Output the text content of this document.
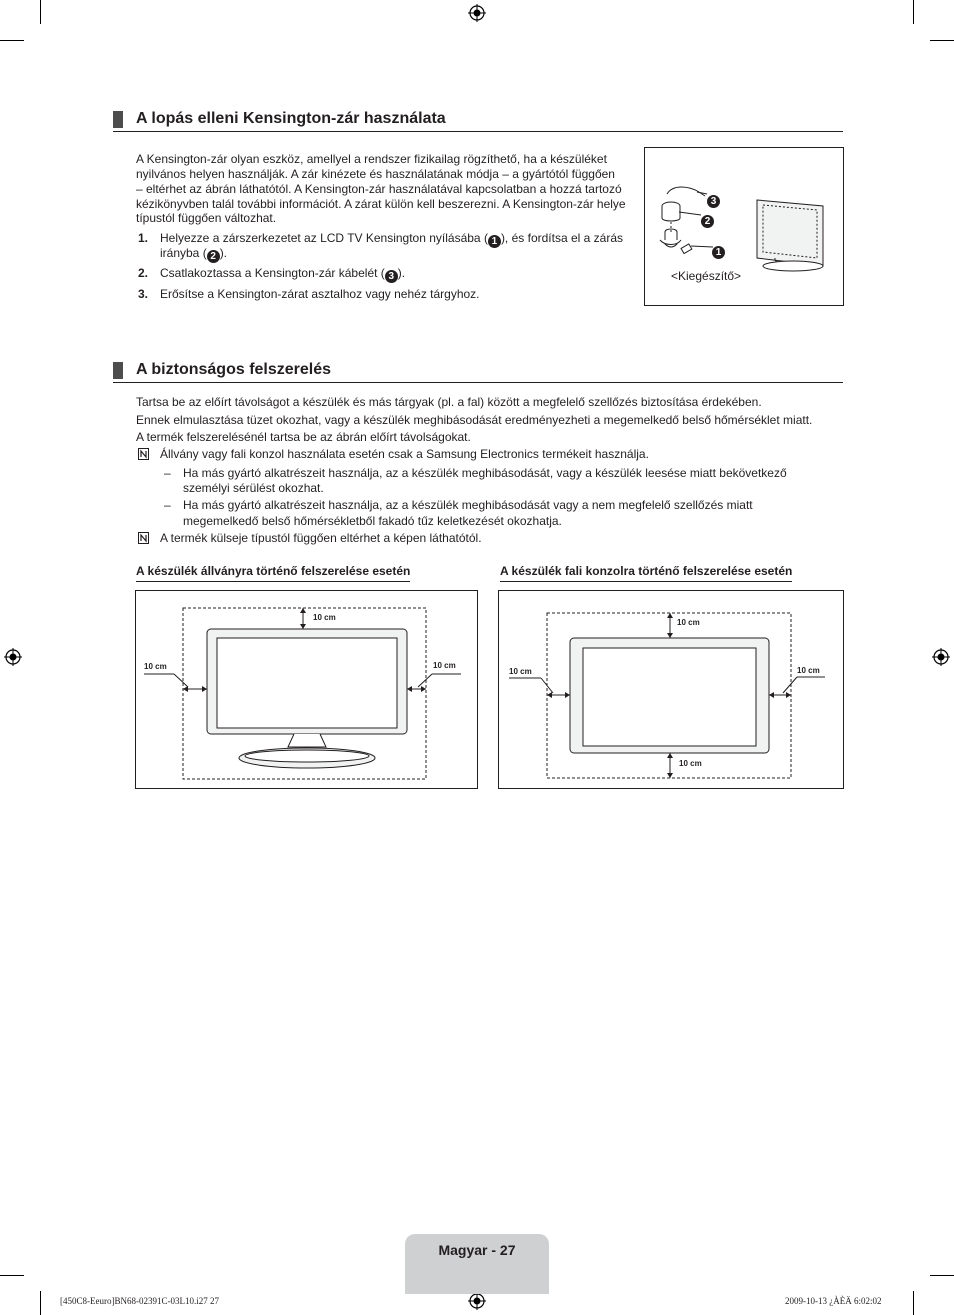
A lopás elleni Kensington-zár használata
A Kensington-zár olyan eszköz, amellyel a rendszer fizikailag rögzíthető, ha a készüléket
nyilvános helyen használják. A zár kinézete és használatának módja – a gyártótól függően
– eltérhet az ábrán láthatótól. A Kensington-zár használatával kapcsolatban a hozzá tartozó
kézikönyvben talál további információt. A zárat külön kell beszerezni. A Kensington-zár helye
típustól függően változhat.
1. Helyezze a zárszerkezetet az LCD TV Kensington nyílásába ( 1 ), és fordítsa el a zárás
irányba ( 2 ).
2. Csatlakoztassa a Kensington-zár kábelét ( 3 ).
3. Erősítse a Kensington-zárat asztalhoz vagy nehéz tárgyhoz.
3
2
1
<Kiegészítő>
A biztonságos felszerelés
Tartsa be az előírt távolságot a készülék és más tárgyak (pl. a fal) között a megfelelő szellőzés biztosítása érdekében.
Ennek elmulasztása tüzet okozhat, vagy a készülék meghibásodását eredményezheti a megemelkedő belső hőmérséklet miatt.
A termék felszerelésénél tartsa be az ábrán előírt távolságokat.
Állvány vagy fali konzol használata esetén csak a Samsung Electronics termékeit használja.
– Ha más gyártó alkatrészeit használja, az a készülék meghibásodását, vagy a készülék leesése miatt bekövetkező
személyi sérülést okozhat.
– Ha más gyártó alkatrészeit használja, az a készülék meghibásodását vagy a nem megfelelő szellőzés miatt
megemelkedő belső hőmérsékletből fakadó tűz keletkezését okozhatja.
A termék külseje típustól függően eltérhet a képen láthatótól.
A készülék állványra történő felszerelése esetén
10 cm
10 cm	10 cm
A készülék fali konzolra történő felszerelése esetén
10 cm
10 cm	10 cm
10 cm
Magyar - 27
[450C8-Eeuro]BN68-02391C-03L10.i27 27	2009-10-13 ¿ÀÈÄ 6:02:02
